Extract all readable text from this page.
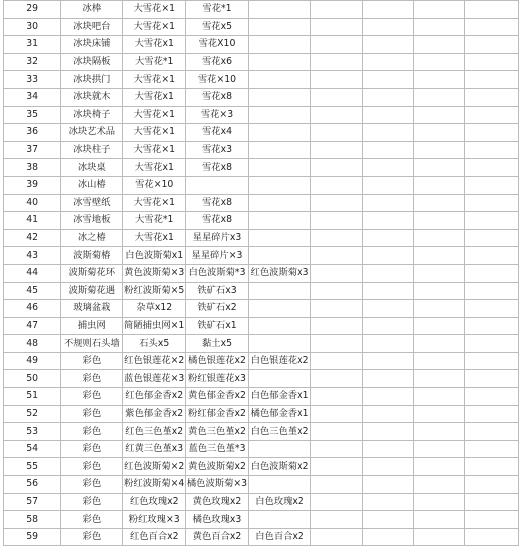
29	冰棒	大雪花×1	雪花*1					
30	冰块吧台	大雪花×1	雪花x5					
31	冰块床铺	大雪花x1	雪花X10					
32	冰块隔板	大雪花*1	雪花x6					
33	冰块拱门	大雪花×1	雪花×10					
34	冰块就木	大雪花x1	雪花x8					
35	冰块椅子	大雪花×1	雪花×3					
36	冰块艺术品	大雪花×1	雪花x4					
37	冰块柱子	大雪花×1	雪花x3					
38	冰块桌	大雪花x1	雪花x8					
39	冰山椿	雪花×10						
40	冰雪壁纸	大雪花×1	雪花x8					
41	冰雪地板	大雪花*1	雪花x8					
42	冰之椿	大雪花x1	星星碎片x3					
43	波斯菊椿	白色波斯菊x1	星星碎片×3					
44	波斯菊花环	黄色波斯菊×3	白色波斯菊*3	红色波斯菊x3				
45	波斯菊花遇	粉红波斯菊×5	铁矿石x3					
46	玻璃盆栽	杂草x12	铁矿石x2					
47	捕虫网	简陋捕虫网×1	铁矿石x1					
48	不规则石头墙	石头x5	黏土x5					
49	彩色	红色银莲花×2	橘色银莲花x2	白色银莲花x2				
50	彩色	蓝色银莲花×3	粉红银莲花x3					
51	彩色	红色郁金香x2	黄色郁金香x2	白色郁金香x1				
52	彩色	紫色郁金香x2	粉红郁金香x2	橘色郁金香x1				
53	彩色	红色三色堇x2	黄色三色堇x2	白色三色堇x2				
54	彩色	红黄三色堇x3	蓝色三色堇*3					
55	彩色	红色波斯菊×2	黄色波斯菊x2	白色波斯菊x2				
56	彩色	粉红波斯菊×4	橘色波斯菊×3					
57	彩色	红色玫瑰x2	黄色玫瑰x2	白色玫瑰x2				
58	彩色	粉红玫瑰×3	橘色玫瑰x3					
59	彩色	红色百合x2	黄色百合x2	白色百合x2				
